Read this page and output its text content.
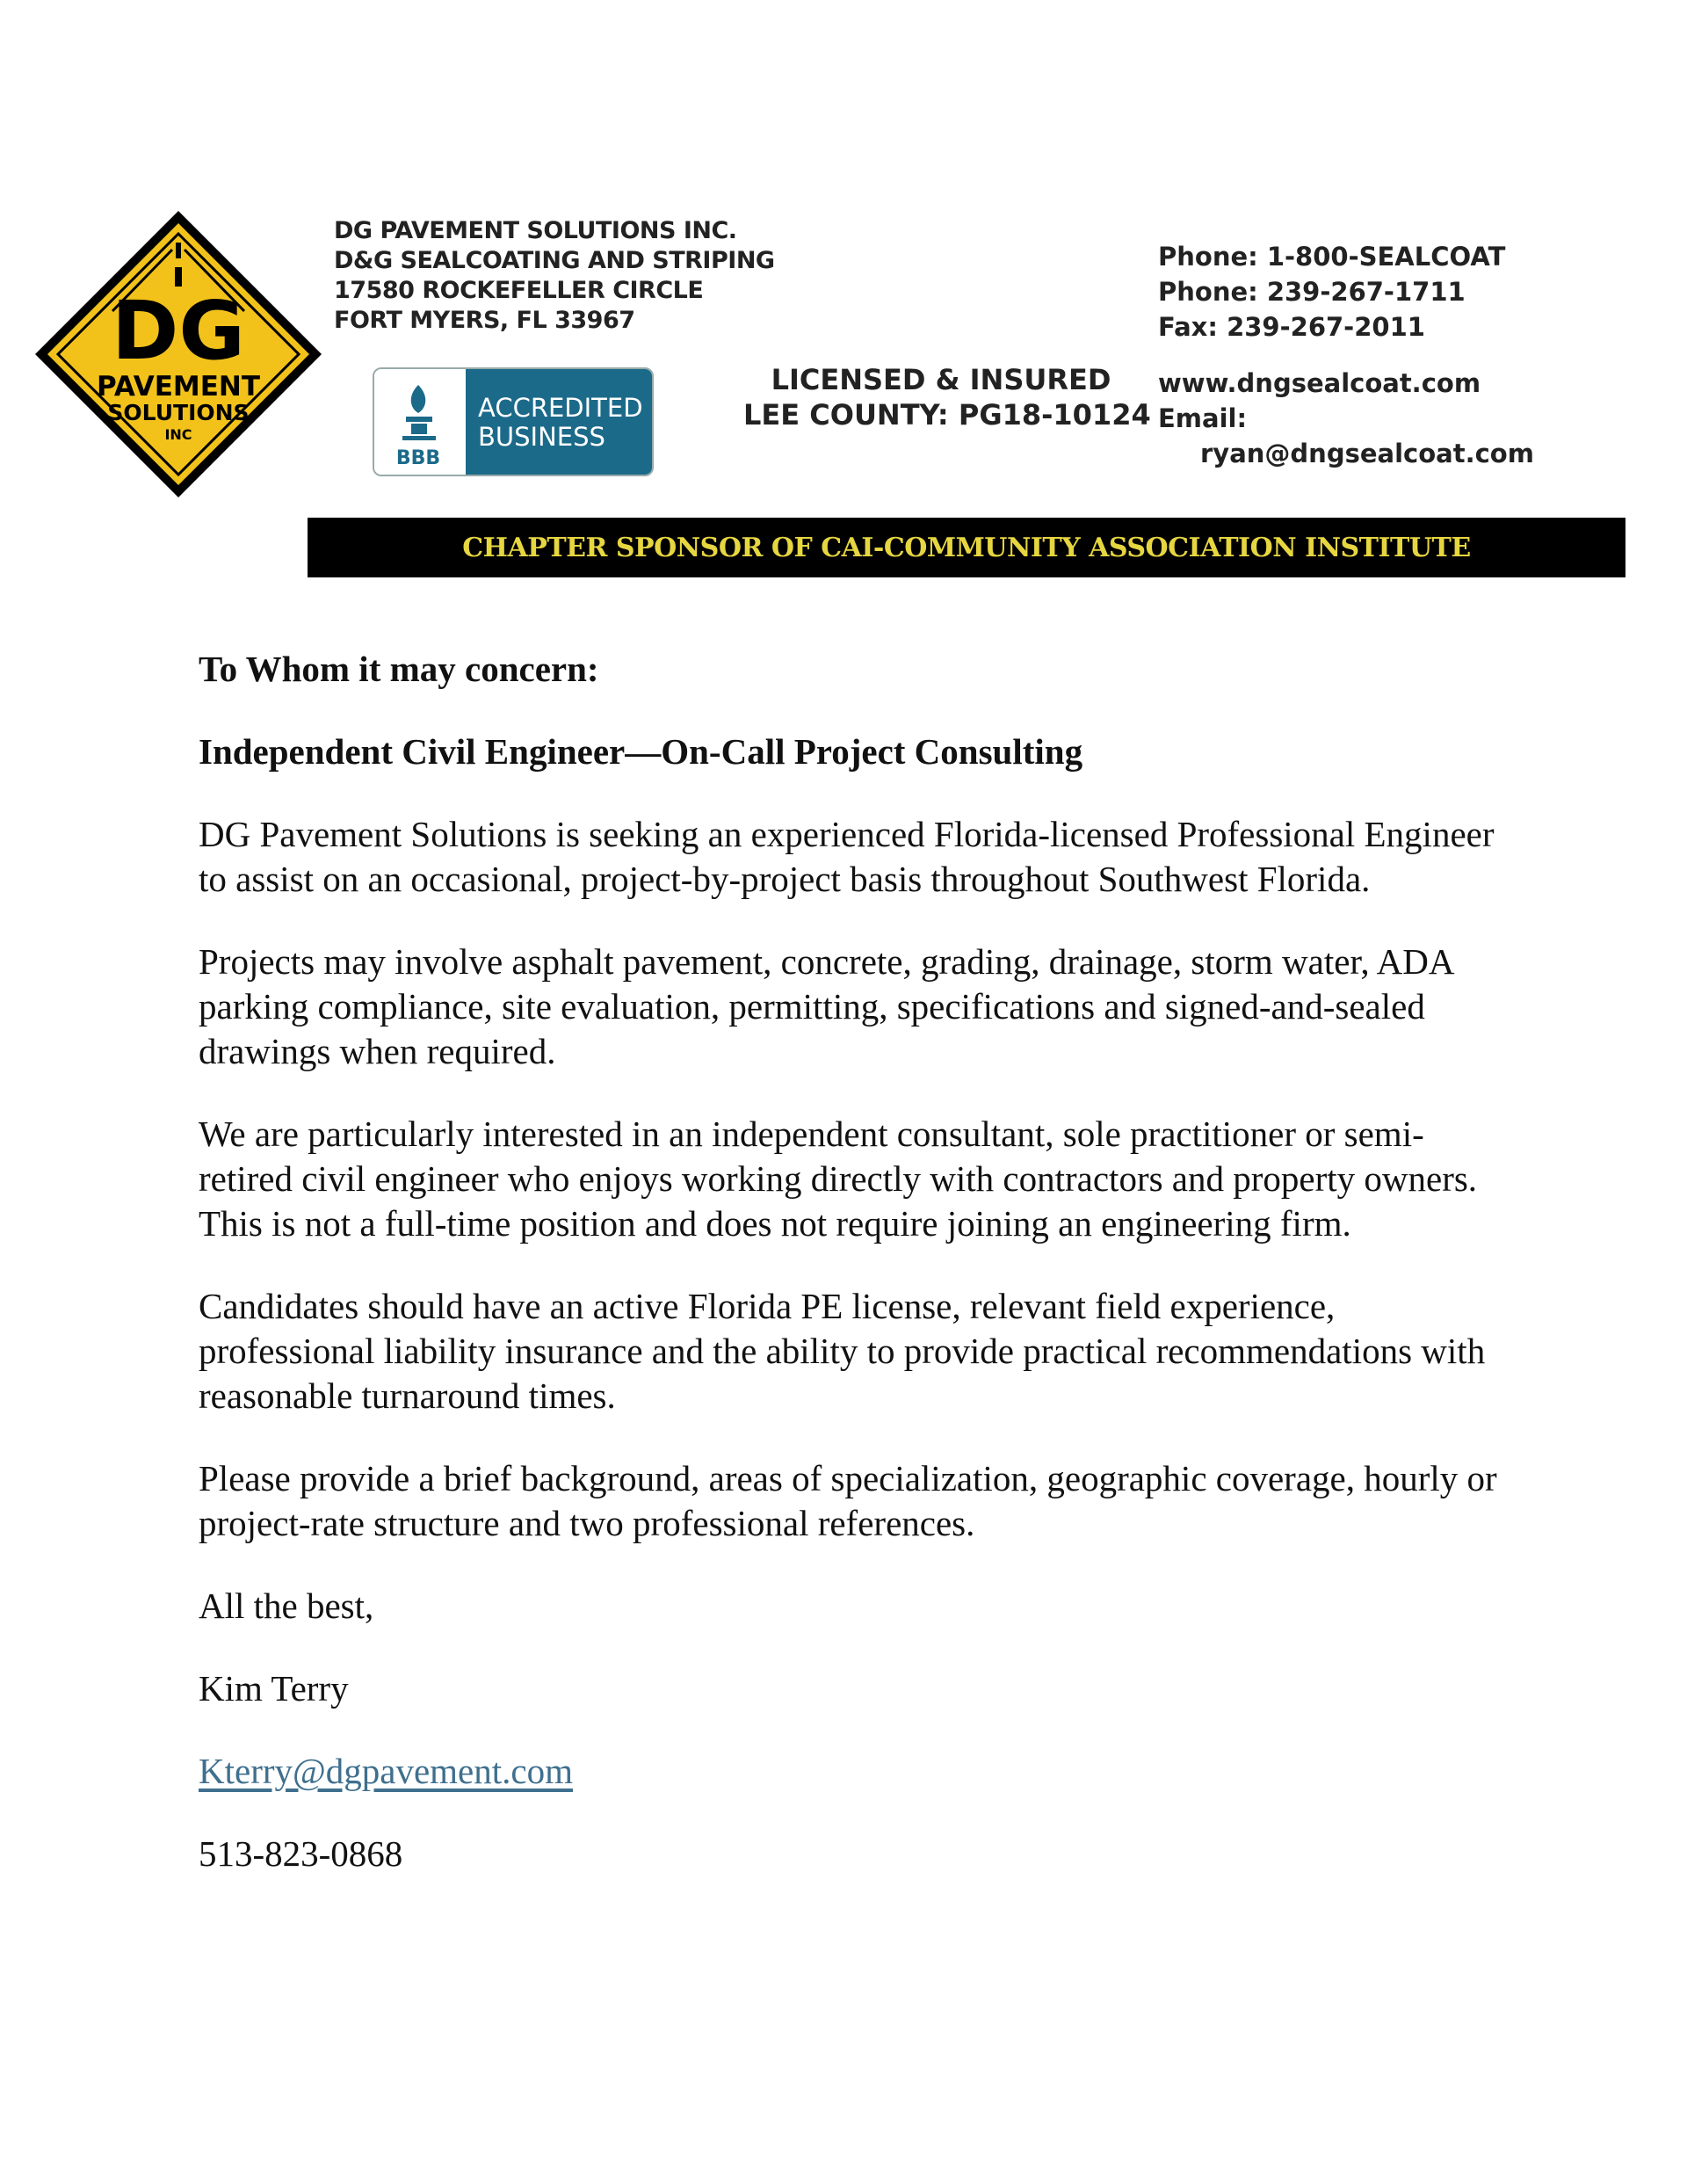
DG
PAVEMENT
SOLUTIONS
INC
DG PAVEMENT SOLUTIONS INC.
D&G SEALCOATING AND STRIPING
17580 ROCKEFELLER CIRCLE
FORT MYERS, FL 33967
BBB
ACCREDITED
BUSINESS
LICENSED & INSURED
LEE COUNTY: PG18-10124
Phone: 1-800-SEALCOAT
Phone: 239-267-1711
Fax: 239-267-2011
www.dngsealcoat.com
Email:
ryan@dngsealcoat.com
CHAPTER SPONSOR OF CAI-COMMUNITY ASSOCIATION INSTITUTE

To Whom it may concern:

Independent Civil Engineer—On-Call Project Consulting

DG Pavement Solutions is seeking an experienced Florida-licensed Professional Engineer to assist on an occasional, project-by-project basis throughout Southwest Florida.

Projects may involve asphalt pavement, concrete, grading, drainage, storm water, ADA parking compliance, site evaluation, permitting, specifications and signed-and-sealed drawings when required.

We are particularly interested in an independent consultant, sole practitioner or semi-retired civil engineer who enjoys working directly with contractors and property owners. This is not a full-time position and does not require joining an engineering firm.

Candidates should have an active Florida PE license, relevant field experience, professional liability insurance and the ability to provide practical recommendations with reasonable turnaround times.

Please provide a brief background, areas of specialization, geographic coverage, hourly or project-rate structure and two professional references.

All the best,

Kim Terry

Kterry@dgpavement.com

513-823-0868
